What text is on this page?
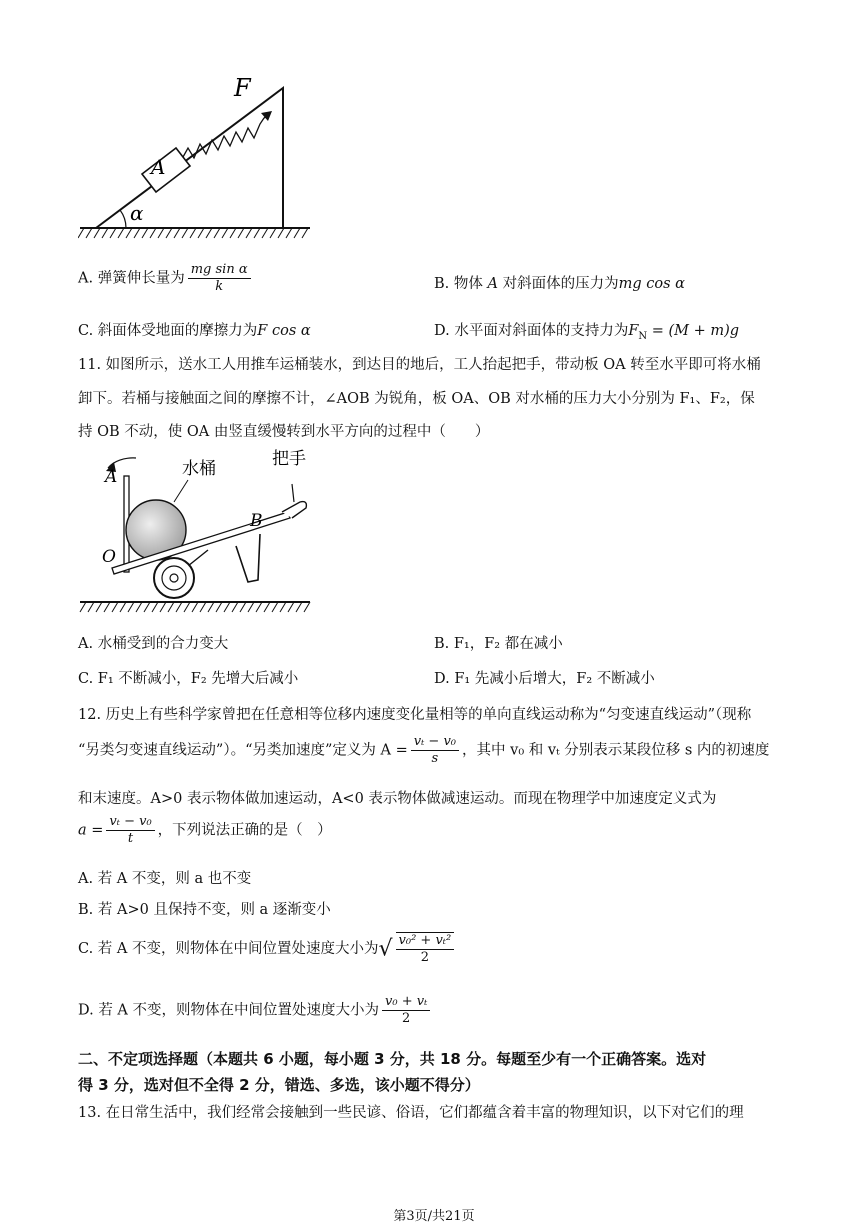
F
A
α
A. 弹簧伸长量为 $\frac{\text{mg sin α}}{k}$	B. 物体 A 对斜面体的压力为mg cos α
C. 斜面体受地面的摩擦力为F cos α	D. 水平面对斜面体的支持力为$F_N = (M + m)g$
11. 如图所示，送水工人用推车运桶装水，到达目的地后，工人抬起把手，带动板 OA 转至水平即可将水桶
卸下。若桶与接触面之间的摩擦不计，∠AOB 为锐角，板 OA、OB 对水桶的压力大小分别为 F₁、F₂，保
持 OB 不动，使 OA 由竖直缓慢转到水平方向的过程中（　　）
水桶	把手
A
O
B
A. 水桶受到的合力变大	B. F₁，F₂ 都在减小
C. F₁ 不断减小，F₂ 先增大后减小	D. F₁ 先减小后增大，F₂ 不断减小
12. 历史上有些科学家曾把在任意相等位移内速度变化量相等的单向直线运动称为“匀变速直线运动”（现称
“另类匀变速直线运动”）。“另类加速度”定义为 $A = \frac{\text{vₜ − v₀}}{s}$ ，其中 v₀ 和 vₜ 分别表示某段位移 s 内的初速度
和末速度。A>0 表示物体做加速运动，A<0 表示物体做减速运动。而现在物理学中加速度定义式为
$a = \frac{\text{vₜ − v₀}}{t}$ ，下列说法正确的是（　）
A. 若 A 不变，则 a 也不变
B. 若 A>0 且保持不变，则 a 逐渐变小
C. 若 A 不变，则物体在中间位置处速度大小为√ $\frac{\text{v₀² + vₜ²}}{2}$
D. 若 A 不变，则物体在中间位置处速度大小为 $\frac{\text{v₀ + vₜ}}{2}$
二、不定项选择题（本题共 6 小题，每小题 3 分，共 18 分。每题至少有一个正确答案。选对
得 3 分，选对但不全得 2 分，错选、多选，该小题不得分）
13. 在日常生活中，我们经常会接触到一些民谚、俗语，它们都蕴含着丰富的物理知识，以下对它们的理
第3页/共21页
